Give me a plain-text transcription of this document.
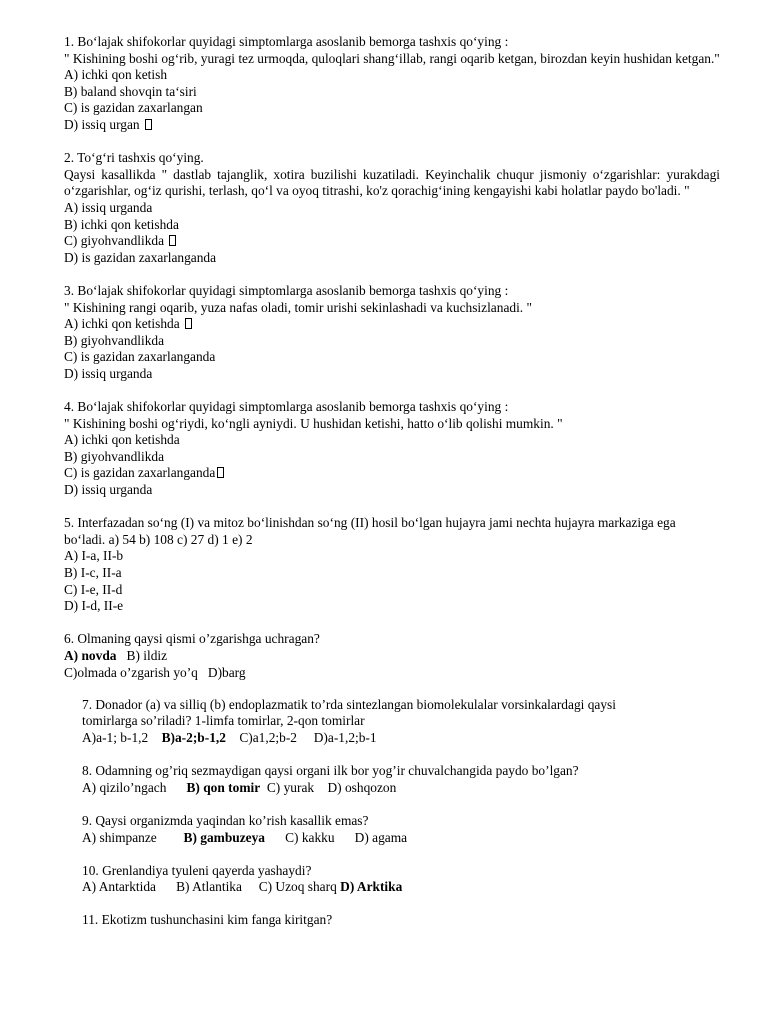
1. Bo‘lajak shifokorlar quyidagi simptomlarga asoslanib bemorga tashxis qo‘ying :
" Kishining boshi og‘rib, yuragi tez urmoqda, quloqlari shang‘illab, rangi oqarib ketgan, birozdan keyin hushidan ketgan."
A) ichki qon ketish
B) baland shovqin ta‘siri
C) is gazidan zaxarlangan
D) issiq urgan
2. To‘g‘ri tashxis qo‘ying.
Qaysi kasallikda " dastlab tajanglik, xotira buzilishi kuzatiladi. Keyinchalik chuqur jismoniy o‘zgarishlar: yurakdagi o‘zgarishlar, og‘iz qurishi, terlash, qo‘l va oyoq titrashi, ko'z qorachig‘ining kengayishi kabi holatlar paydo bo'ladi. "
A) issiq urganda
B) ichki qon ketishda
C) giyohvandlikda
D) is gazidan zaxarlanganda
3. Bo‘lajak shifokorlar quyidagi simptomlarga asoslanib bemorga tashxis qo‘ying :
" Kishining rangi oqarib, yuza nafas oladi, tomir urishi sekinlashadi va kuchsizlanadi. "
A) ichki qon ketishda
B) giyohvandlikda
C) is gazidan zaxarlanganda
D) issiq urganda
4. Bo‘lajak shifokorlar quyidagi simptomlarga asoslanib bemorga tashxis qo‘ying :
" Kishining boshi og‘riydi, ko‘ngli ayniydi. U hushidan ketishi, hatto o‘lib qolishi mumkin. "
A) ichki qon ketishda
B) giyohvandlikda
C) is gazidan zaxarlanganda
D) issiq urganda
5. Interfazadan so‘ng (I) va mitoz bo‘linishdan so‘ng (II) hosil bo‘lgan hujayra jami nechta hujayra markaziga ega bo‘ladi. a) 54 b) 108 c) 27 d) 1 e) 2
A) I-a, II-b
B) I-c, II-a
C) I-e, II-d
D) I-d, II-e
6. Olmaning qaysi qismi o’zgarishga uchragan?
A) novda B) ildiz
C)olmada o’zgarish yo’q   D)barg
7. Donador (a) va silliq (b) endoplazmatik to’rda sintezlangan biomolekulalar vorsinkalardagi qaysi
tomirlarga so’riladi? 1-limfa tomirlar, 2-qon tomirlar
A)a-1; b-1,2 B)a-2;b-1,2 C)a1,2;b-2 D)a-1,2;b-1
8. Odamning og’riq sezmaydigan qaysi organi ilk bor yog’ir chuvalchangida paydo bo’lgan?
A) qizilo’ngach B) qon tomir C) yurak D) oshqozon
9. Qaysi organizmda yaqindan ko’rish kasallik emas?
A) shimpanze B) gambuzeya C) kakku D) agama
10. Grenlandiya tyuleni qayerda yashaydi?
A) Antarktida B) Atlantika C) Uzoq sharq D) Arktika
11. Ekotizm tushunchasini kim fanga kiritgan?
